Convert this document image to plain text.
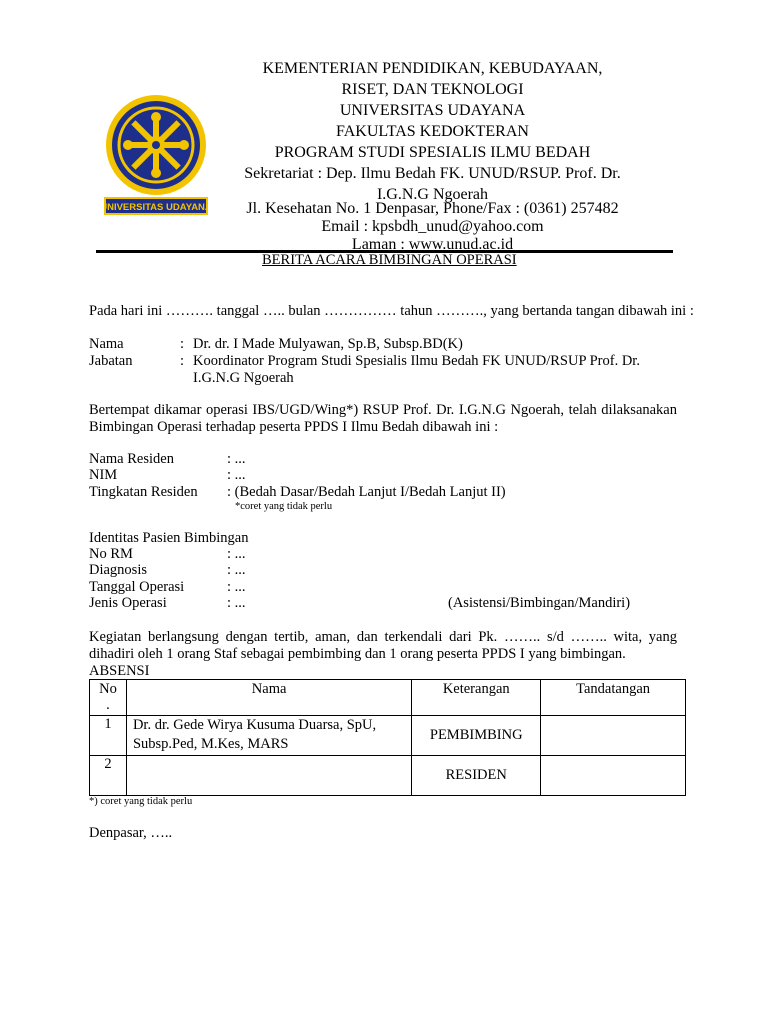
UNIVERSITAS UDAYANA
KEMENTERIAN PENDIDIKAN, KEBUDAYAAN,
RISET, DAN TEKNOLOGI
UNIVERSITAS UDAYANA
FAKULTAS KEDOKTERAN
PROGRAM STUDI SPESIALIS ILMU BEDAH
Sekretariat : Dep. Ilmu Bedah FK. UNUD/RSUP. Prof. Dr. I.G.N.G Ngoerah
Jl. Kesehatan No. 1 Denpasar, Phone/Fax : (0361) 257482
Email : kpsbdh_unud@yahoo.com
Laman : www.unud.ac.id
BERITA ACARA BIMBINGAN OPERASI
Pada hari ini ………. tanggal ….. bulan …………… tahun ………., yang bertanda tangan dibawah ini :
Nama	: Dr. dr. I Made Mulyawan, Sp.B, Subsp.BD(K)
Jabatan	: Koordinator Program Studi Spesialis Ilmu Bedah FK UNUD/RSUP Prof. Dr. I.G.N.G Ngoerah
Bertempat dikamar operasi IBS/UGD/Wing*) RSUP Prof. Dr. I.G.N.G Ngoerah, telah dilaksanakan Bimbingan Operasi terhadap peserta PPDS I Ilmu Bedah dibawah ini :
Nama Residen	: ...
NIM	: ...
Tingkatan Residen : (Bedah Dasar/Bedah Lanjut I/Bedah Lanjut II)
*coret yang tidak perlu
Identitas Pasien Bimbingan
No RM	: ...
Diagnosis	: ...
Tanggal Operasi	: ...
Jenis Operasi	: ...	(Asistensi/Bimbingan/Mandiri)
Kegiatan berlangsung dengan tertib, aman, dan terkendali dari Pk. …….. s/d …….. wita, yang dihadiri oleh 1 orang Staf sebagai pembimbing dan 1 orang peserta PPDS I yang bimbingan.
ABSENSI
No .	Nama	Keterangan	Tandatangan
1	Dr. dr. Gede Wirya Kusuma Duarsa, SpU, Subsp.Ped, M.Kes, MARS	PEMBIMBING	
2		RESIDEN	
*) coret yang tidak perlu
Denpasar, …..
